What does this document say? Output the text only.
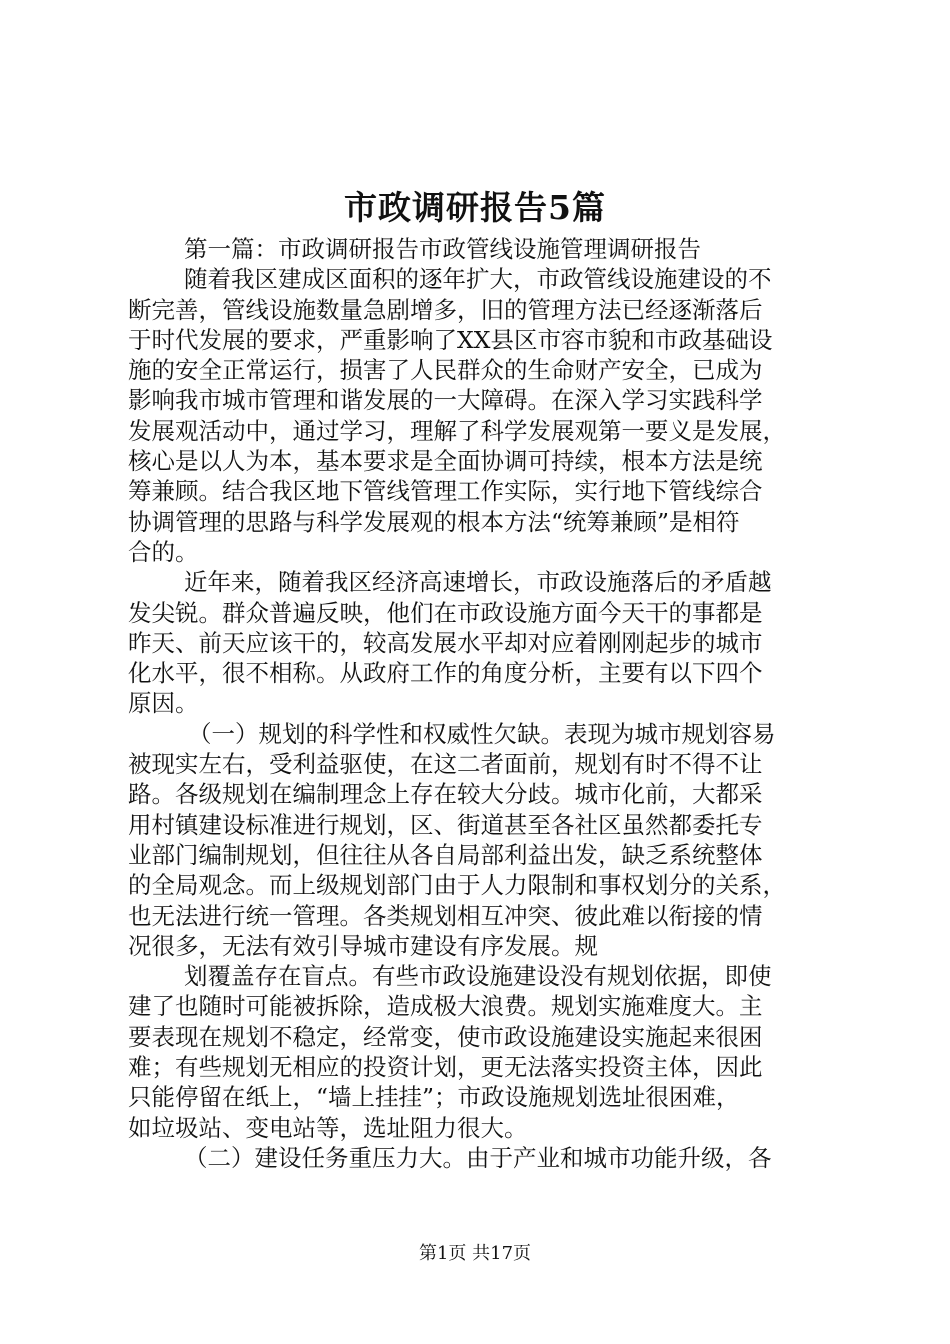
市政调研报告5篇

第一篇：市政调研报告市政管线设施管理调研报告

随着我区建成区面积的逐年扩大，市政管线设施建设的不

断完善，管线设施数量急剧增多，旧的管理方法已经逐渐落后

于时代发展的要求，严重影响了XX县区市容市貌和市政基础设

施的安全正常运行，损害了人民群众的生命财产安全，已成为

影响我市城市管理和谐发展的一大障碍。在深入学习实践科学

发展观活动中，通过学习，理解了科学发展观第一要义是发展，

核心是以人为本，基本要求是全面协调可持续，根本方法是统

筹兼顾。结合我区地下管线管理工作实际，实行地下管线综合

协调管理的思路与科学发展观的根本方法“统筹兼顾”是相符

合的。

近年来，随着我区经济高速增长，市政设施落后的矛盾越

发尖锐。群众普遍反映，他们在市政设施方面今天干的事都是

昨天、前天应该干的，较高发展水平却对应着刚刚起步的城市

化水平，很不相称。从政府工作的角度分析，主要有以下四个

原因。

（一）规划的科学性和权威性欠缺。表现为城市规划容易

被现实左右，受利益驱使，在这二者面前，规划有时不得不让

路。各级规划在编制理念上存在较大分歧。城市化前，大都采

用村镇建设标准进行规划，区、街道甚至各社区虽然都委托专

业部门编制规划，但往往从各自局部利益出发，缺乏系统整体

的全局观念。而上级规划部门由于人力限制和事权划分的关系，

也无法进行统一管理。各类规划相互冲突、彼此难以衔接的情

况很多，无法有效引导城市建设有序发展。规

划覆盖存在盲点。有些市政设施建设没有规划依据，即使

建了也随时可能被拆除，造成极大浪费。规划实施难度大。主

要表现在规划不稳定，经常变，使市政设施建设实施起来很困

难；有些规划无相应的投资计划，更无法落实投资主体，因此

只能停留在纸上，“墙上挂挂”；市政设施规划选址很困难，

如垃圾站、变电站等，选址阻力很大。

（二）建设任务重压力大。由于产业和城市功能升级，各

第1页 共17页
